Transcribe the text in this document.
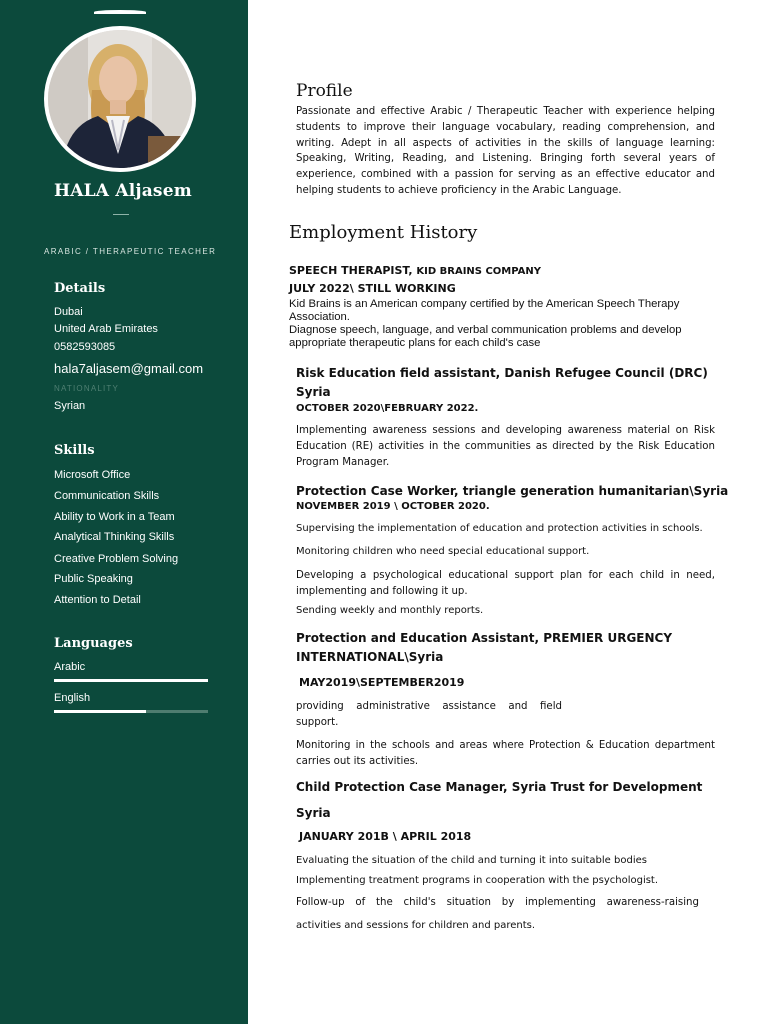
HALA Aljasem
ARABIC / THERAPEUTIC TEACHER
Details
Dubai
United Arab Emirates
0582593085
hala7aljasem@gmail.com
NATIONALITY
Syrian
Skills
Microsoft Office
Communication Skills
Ability to Work in a Team
Analytical Thinking Skills
Creative Problem Solving
Public Speaking
Attention to Detail
Languages
Arabic
English
Profile
Passionate and effective Arabic / Therapeutic Teacher with experience helping students to improve their language vocabulary, reading comprehension, and writing. Adept in all aspects of activities in the skills of language learning: Speaking, Writing, Reading, and Listening. Bringing forth several years of experience, combined with a passion for serving as an effective educator and helping students to achieve proficiency in the Arabic Language.
Employment History
SPEECH THERAPIST, KID BRAINS COMPANY
JULY 2022\ STILL WORKING
Kid Brains is an American company certified by the American Speech Therapy Association.
Diagnose speech, language, and verbal communication problems and develop appropriate therapeutic plans for each child's case
Risk Education field assistant, Danish Refugee Council (DRC)
Syria
OCTOBER 2020\FEBRUARY 2022.
Implementing awareness sessions and developing awareness material on Risk Education (RE) activities in the communities as directed by the Risk Education Program Manager.
Protection Case Worker, triangle generation humanitarian\Syria
NOVEMBER 2019 \ OCTOBER 2020.
Supervising the implementation of education and protection activities in schools.
Monitoring children who need special educational support.
Developing a psychological educational support plan for each child in need, implementing and following it up.
Sending weekly and monthly reports.
Protection and Education Assistant, PREMIER URGENCY
INTERNATIONAL\Syria
MAY2019\SEPTEMBER2019
providing administrative assistance and field support.
Monitoring in the schools and areas where Protection & Education department carries out its activities.
Child Protection Case Manager, Syria Trust for Development
Syria
JANUARY 201B \ APRIL 2018
Evaluating the situation of the child and turning it into suitable bodies
Implementing treatment programs in cooperation with the psychologist.
Follow-up of the child's situation by implementing awareness-raising
activities and sessions for children and parents.
